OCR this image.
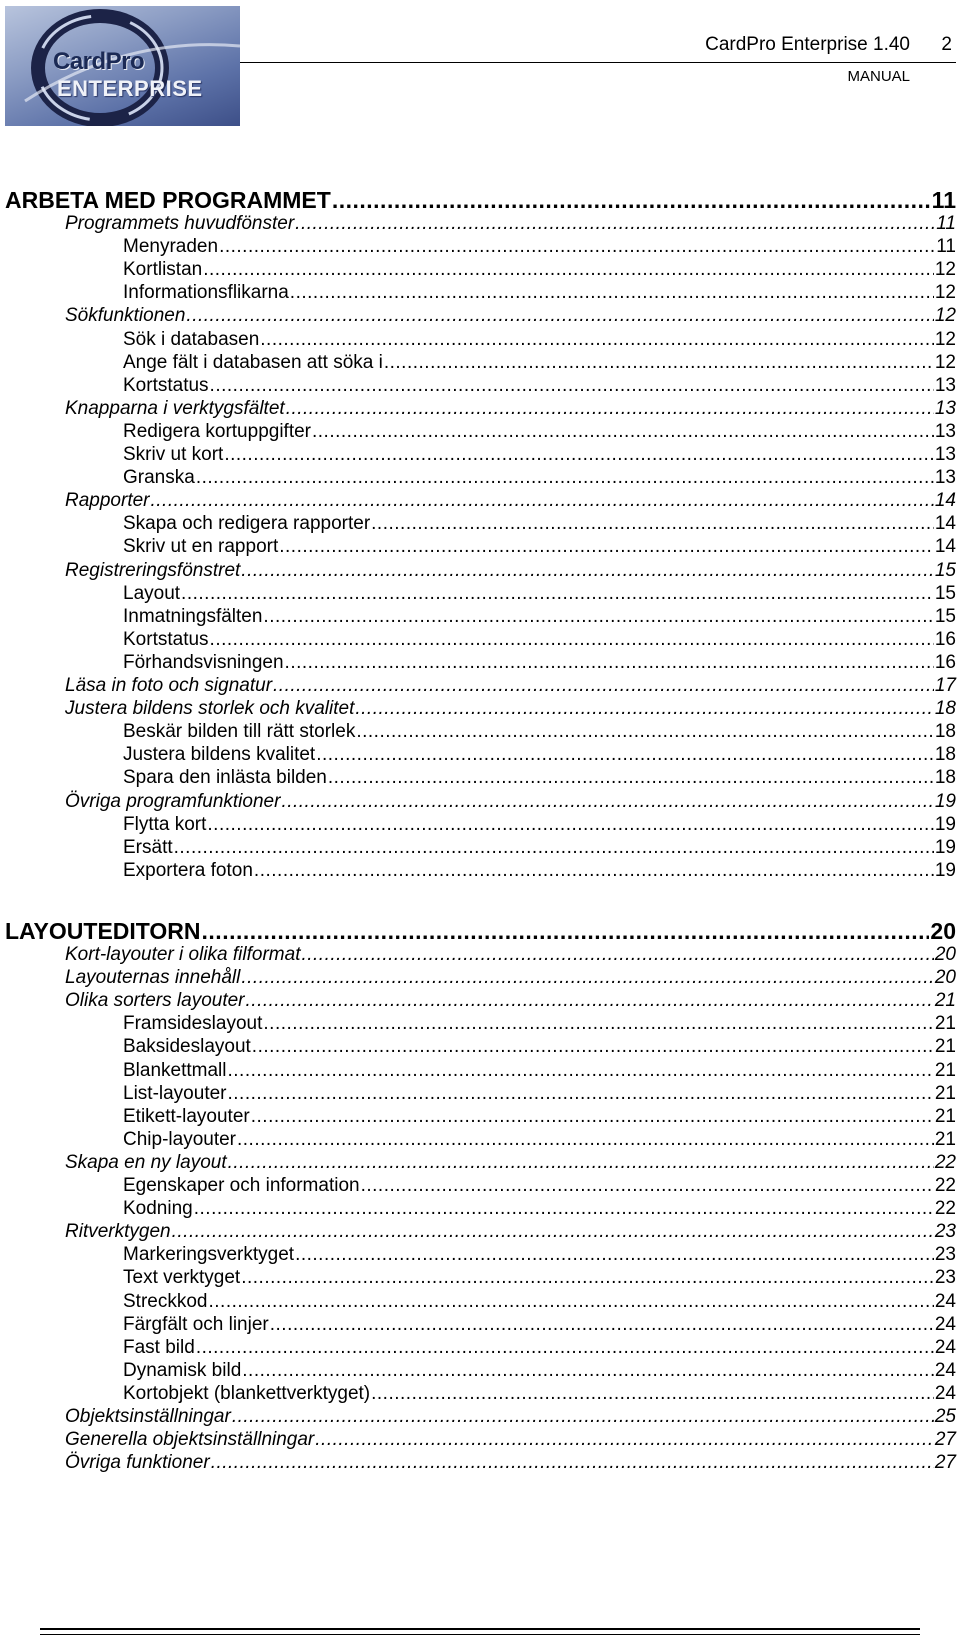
CardPro
ENTERPRISE
CardPro Enterprise 1.40 2
MANUAL
ARBETA MED PROGRAMMET .....	11
Programmets huvudfönster .....	11
Menyraden .....	11
Kortlistan .....	12
Informationsflikarna .....	12
Sökfunktionen .....	12
Sök i databasen .....	12
Ange fält i databasen att söka i .....	12
Kortstatus .....	13
Knapparna i verktygsfältet .....	13
Redigera kortuppgifter .....	13
Skriv ut kort .....	13
Granska .....	13
Rapporter .....	14
Skapa och redigera rapporter .....	14
Skriv ut en rapport .....	14
Registreringsfönstret .....	15
Layout .....	15
Inmatningsfälten .....	15
Kortstatus .....	16
Förhandsvisningen .....	16
Läsa in foto och signatur .....	17
Justera bildens storlek och kvalitet .....	18
Beskär bilden till rätt storlek .....	18
Justera bildens kvalitet .....	18
Spara den inlästa bilden .....	18
Övriga programfunktioner .....	19
Flytta kort .....	19
Ersätt .....	19
Exportera foton .....	19
LAYOUTEDITORN .....	20
Kort-layouter i olika filformat .....	20
Layouternas innehåll .....	20
Olika sorters layouter .....	21
Framsideslayout .....	21
Baksideslayout .....	21
Blankettmall .....	21
List-layouter .....	21
Etikett-layouter .....	21
Chip-layouter .....	21
Skapa en ny layout .....	22
Egenskaper och information .....	22
Kodning .....	22
Ritverktygen .....	23
Markeringsverktyget .....	23
Text verktyget .....	23
Streckkod .....	24
Färgfält och linjer .....	24
Fast bild .....	24
Dynamisk bild .....	24
Kortobjekt (blankettverktyget) .....	24
Objektsinställningar .....	25
Generella objektsinställningar .....	27
Övriga funktioner .....	27
